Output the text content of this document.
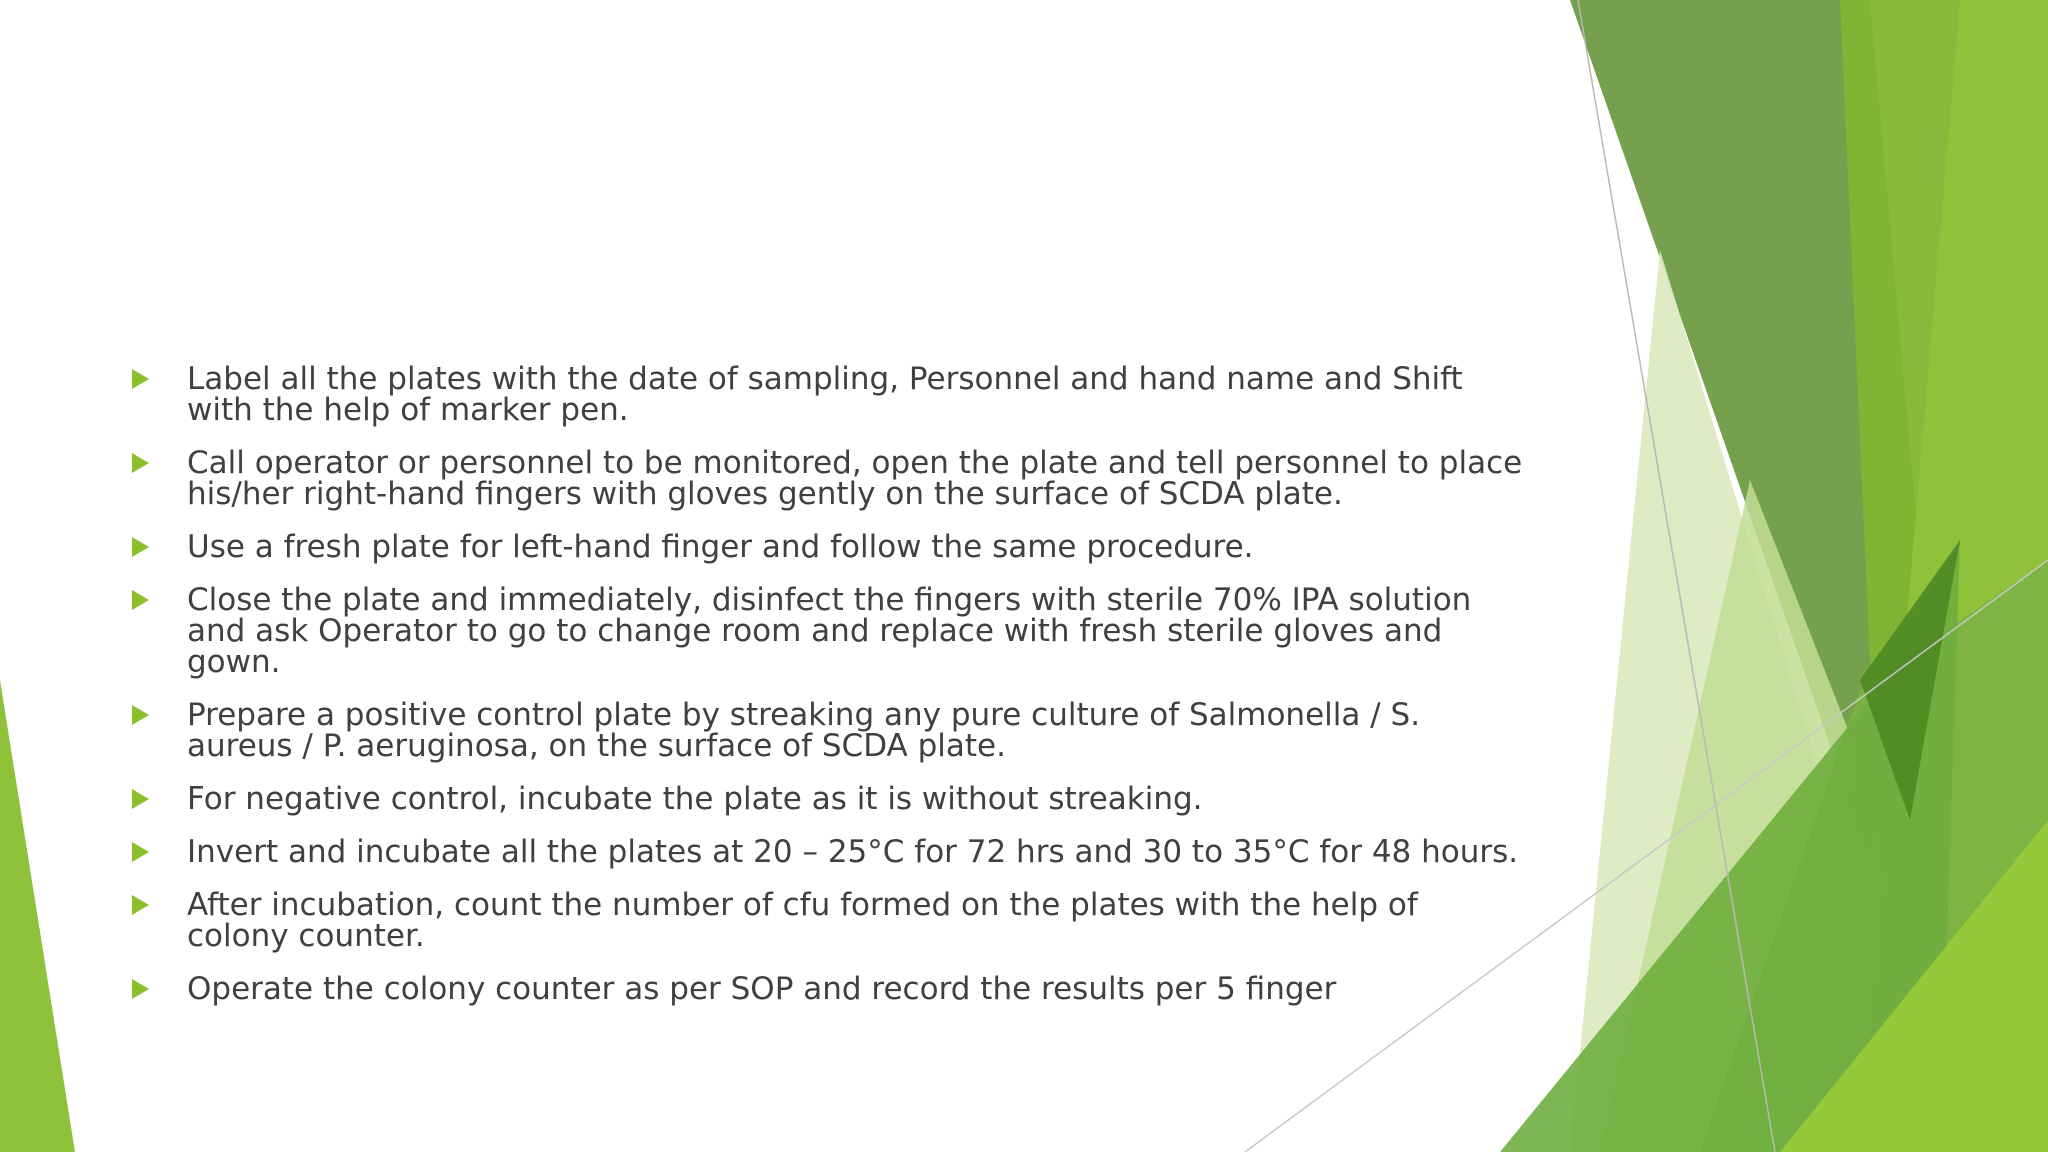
Label all the plates with the date of sampling, Personnel and hand name and Shift with the help of marker pen.
Call operator or personnel to be monitored, open the plate and tell personnel to place his/her right-hand fingers with gloves gently on the surface of SCDA plate.
Use a fresh plate for left-hand finger and follow the same procedure.
Close the plate and immediately, disinfect the fingers with sterile 70% IPA solution and ask Operator to go to change room and replace with fresh sterile gloves and gown.
Prepare a positive control plate by streaking any pure culture of Salmonella / S. aureus / P. aeruginosa, on the surface of SCDA plate.
For negative control, incubate the plate as it is without streaking.
Invert and incubate all the plates at 20 – 25°C for 72 hrs and 30 to 35°C for 48 hours.
After incubation, count the number of cfu formed on the plates with the help of colony counter.
Operate the colony counter as per SOP and record the results per 5 finger
